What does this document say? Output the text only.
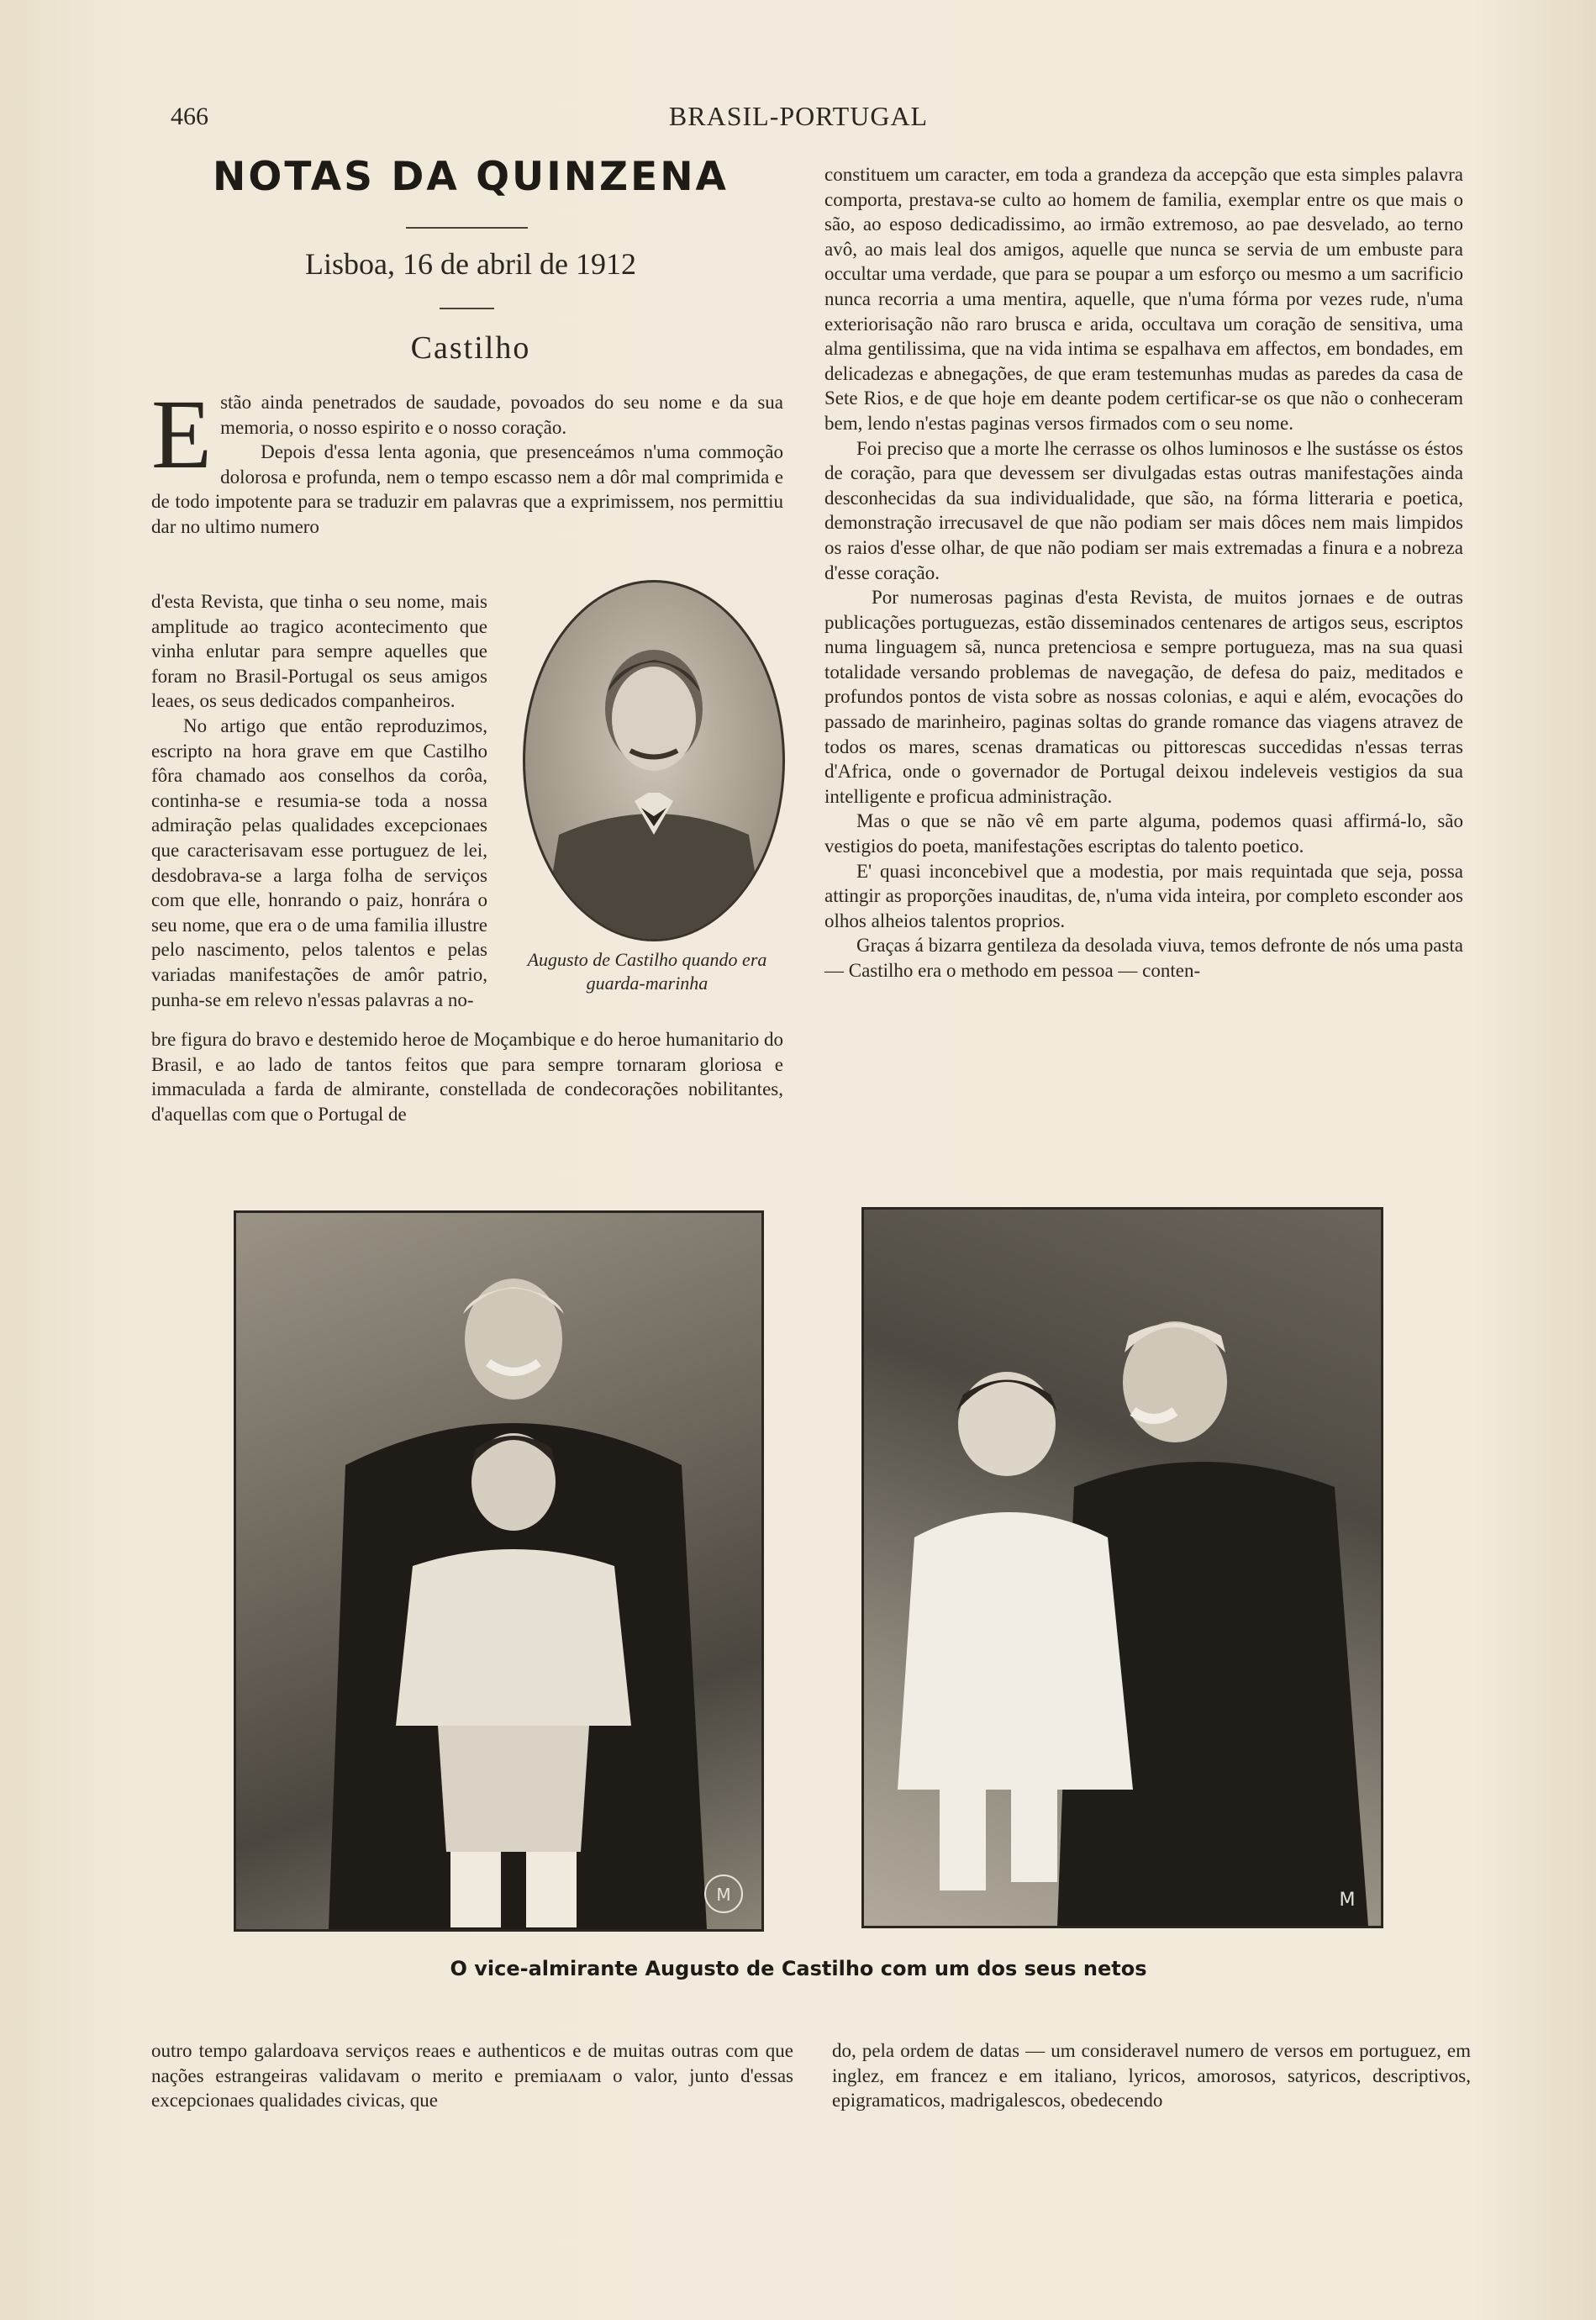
466	BRASIL-PORTUGAL
NOTAS DA QUINZENA
Lisboa, 16 de abril de 1912
Castilho

E stão ainda penetrados de saudade, povoados do seu nome e da sua memoria, o nosso espirito e o nosso coração.

Depois d'essa lenta agonia, que presenceámos n'uma commoção dolorosa e profunda, nem o tempo escasso nem a dôr mal comprimida e de todo impotente para se traduzir em palavras que a exprimissem, nos permittiu dar no ultimo numero

d'esta Revista, que tinha o seu nome, mais amplitude ao tragico acontecimento que vinha enlutar para sempre aquelles que foram no Brasil-Portugal os seus amigos leaes, os seus dedicados companheiros.

No artigo que então reproduzimos, escripto na hora grave em que Castilho fôra chamado aos conselhos da corôa, continha-se e resumia-se toda a nossa admiração pelas qualidades excepcionaes que caracterisavam esse portuguez de lei, desdobrava-se a larga folha de serviços com que elle, honrando o paiz, honrára o seu nome, que era o de uma familia illustre pelo nascimento, pelos talentos e pelas variadas manifestações de amôr patrio, punha-se em relevo n'essas palavras a no-

Augusto de Castilho quando era guarda-marinha

bre figura do bravo e destemido heroe de Moçambique e do heroe humanitario do Brasil, e ao lado de tantos feitos que para sempre tornaram gloriosa e immaculada a farda de almirante, constellada de condecorações nobilitantes, d'aquellas com que o Portugal de

constituem um caracter, em toda a grandeza da accepção que esta simples palavra comporta, prestava-se culto ao homem de familia, exemplar entre os que mais o são, ao esposo dedicadissimo, ao irmão extremoso, ao pae desvelado, ao terno avô, ao mais leal dos amigos, aquelle que nunca se servia de um embuste para occultar uma verdade, que para se poupar a um esforço ou mesmo a um sacrificio nunca recorria a uma mentira, aquelle, que n'uma fórma por vezes rude, n'uma exteriorisação não raro brusca e arida, occultava um coração de sensitiva, uma alma gentilissima, que na vida intima se espalhava em affectos, em bondades, em delicadezas e abnegações, de que eram testemunhas mudas as paredes da casa de Sete Rios, e de que hoje em deante podem certificar-se os que não o conheceram bem, lendo n'estas paginas versos firmados com o seu nome.

Foi preciso que a morte lhe cerrasse os olhos luminosos e lhe sustásse os éstos de coração, para que devessem ser divulgadas estas outras manifestações ainda desconhecidas da sua individualidade, que são, na fórma litteraria e poetica, demonstração irrecusavel de que não podiam ser mais dôces nem mais limpidos os raios d'esse olhar, de que não podiam ser mais extremadas a finura e a nobreza d'esse coração.

Por numerosas paginas d'esta Revista, de muitos jornaes e de outras publicações portuguezas, estão disseminados centenares de artigos seus, escriptos numa linguagem sã, nunca pretenciosa e sempre portugueza, mas na sua quasi totalidade versando problemas de navegação, de defesa do paiz, meditados e profundos pontos de vista sobre as nossas colonias, e aqui e além, evocações do passado de marinheiro, paginas soltas do grande romance das viagens atravez de todos os mares, scenas dramaticas ou pittorescas succedidas n'essas terras d'Africa, onde o governador de Portugal deixou indeleveis vestigios da sua intelligente e proficua administração.

Mas o que se não vê em parte alguma, podemos quasi affirmá-lo, são vestigios do poeta, manifestações escriptas do talento poetico.

E' quasi inconcebivel que a modestia, por mais requintada que seja, possa attingir as proporções inauditas, de, n'uma vida inteira, por completo esconder aos olhos alheios talentos proprios.

Graças á bizarra gentileza da desolada viuva, temos defronte de nós uma pasta — Castilho era o methodo em pessoa — conten-

M	M
O vice-almirante Augusto de Castilho com um dos seus netos

outro tempo galardoava serviços reaes e authenticos e de muitas outras com que nações estrangeiras validavam o merito e premiaʌam o valor, junto d'essas excepcionaes qualidades civicas, que

do, pela ordem de datas — um consideravel numero de versos em portuguez, em inglez, em francez e em italiano, lyricos, amorosos, satyricos, descriptivos, epigramaticos, madrigalescos, obedecendo
